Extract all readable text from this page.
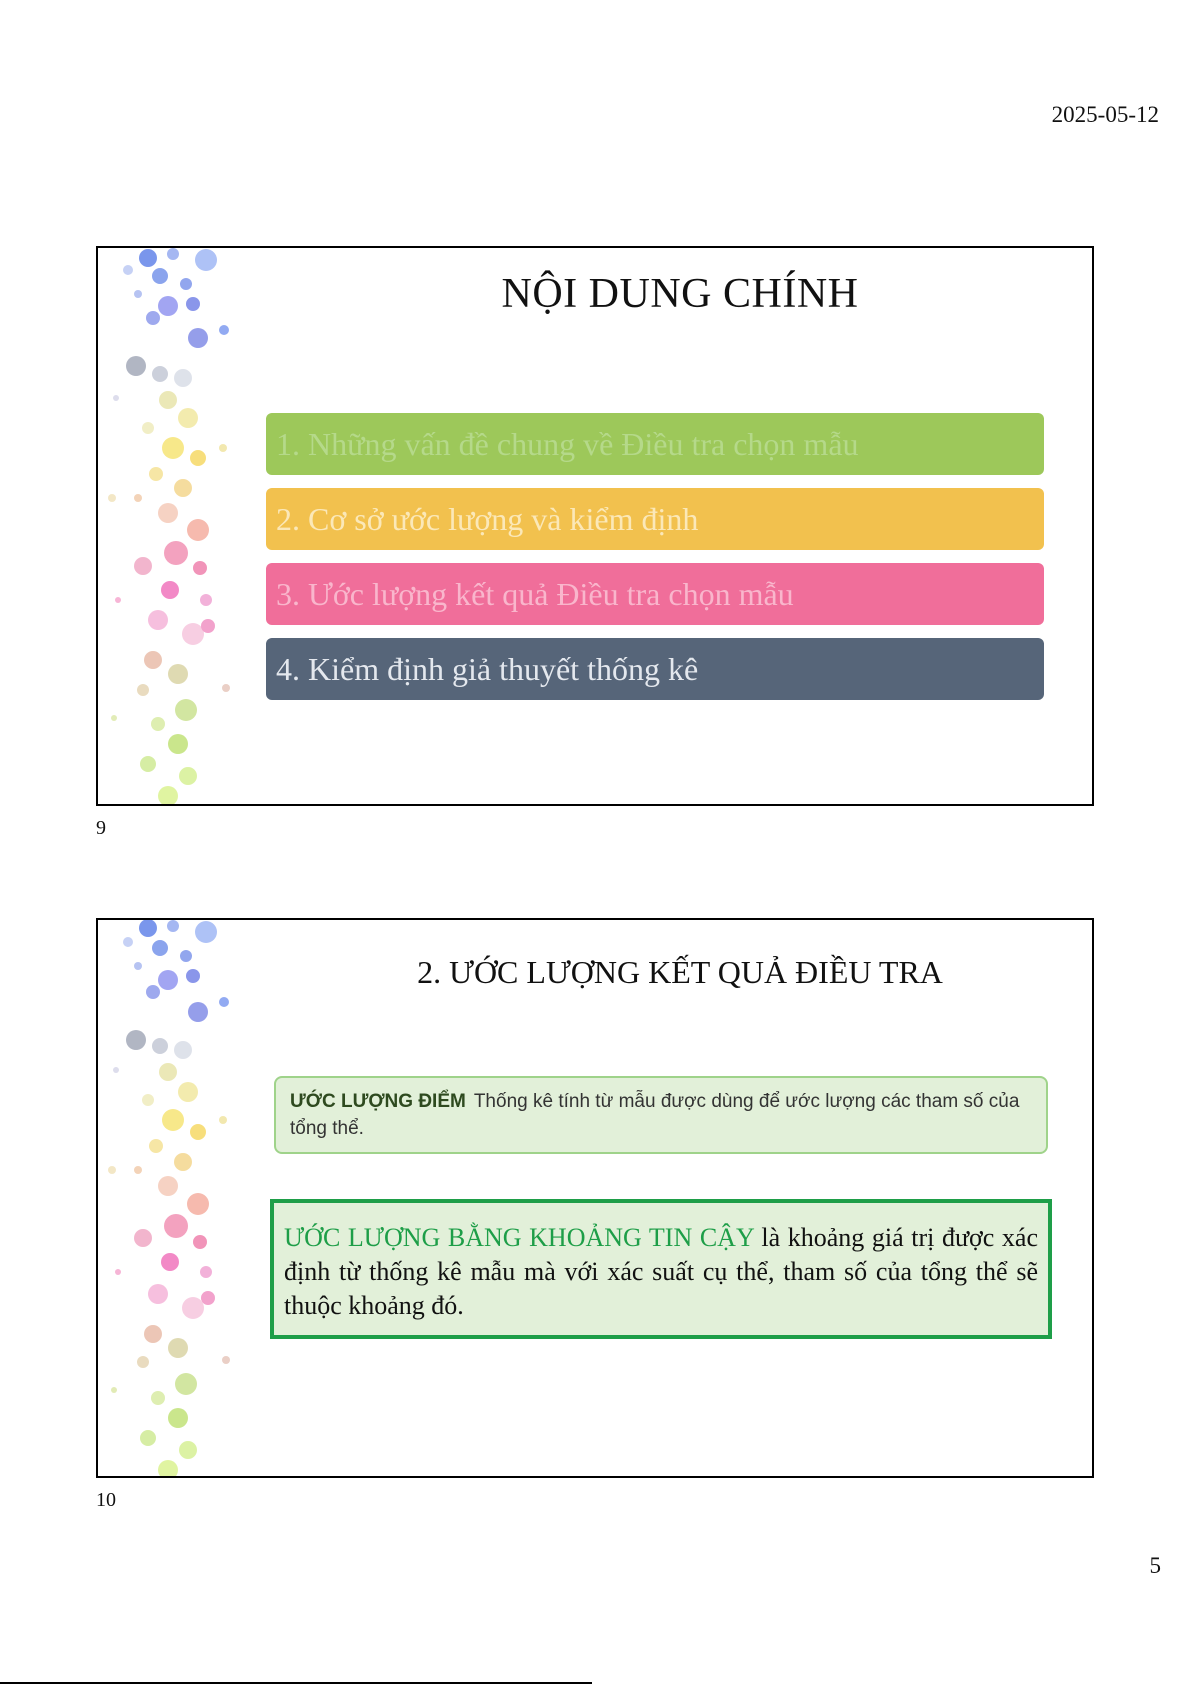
2025-05-12
NỘI DUNG CHÍNH
1. Những vấn đề chung về Điều tra chọn mẫu
2. Cơ sở ước lượng và kiểm định
3. Ước lượng kết quả Điều tra chọn mẫu
4. Kiểm định giả thuyết thống kê
9
2. ƯỚC LƯỢNG KẾT QUẢ ĐIỀU TRA
ƯỚC LƯỢNG ĐIỂM Thống kê tính từ mẫu được dùng để ước lượng các tham số của tổng thể.
ƯỚC LƯỢNG BẰNG KHOẢNG TIN CẬY là khoảng giá trị được xác định từ thống kê mẫu mà với xác suất cụ thể, tham số của tổng thể sẽ thuộc khoảng đó.
10
5
